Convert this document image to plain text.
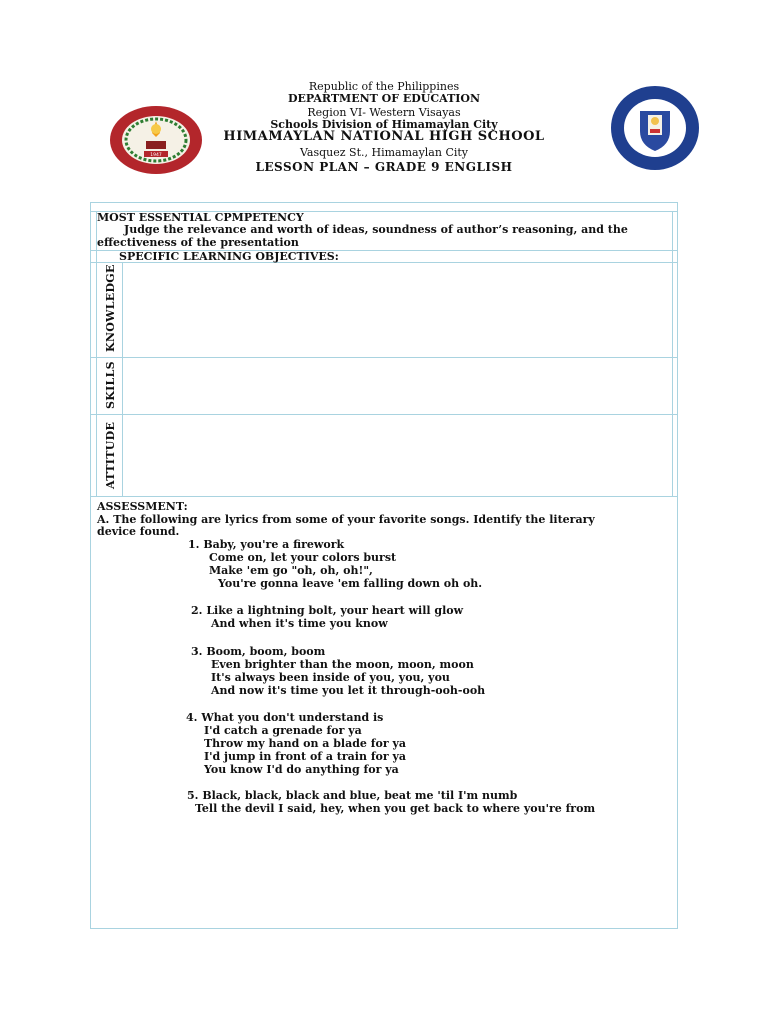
Republic of the Philippines
DEPARTMENT OF EDUCATION
Region VI- Western Visayas
Schools Division of Himamaylan City
HIMAMAYLAN NATIONAL HIGH SCHOOL
Vasquez St., Himamaylan City
LESSON PLAN – GRADE 9 ENGLISH
1947
MOST ESSENTIAL CPMPETENCY
Judge the relevance and worth of ideas, soundness of author’s reasoning, and the
effectiveness of the presentation
SPECIFIC LEARNING OBJECTIVES:
KNOWLEDGE
SKILLS
ATTITUDE
ASSESSMENT:
A. The following are lyrics from some of your favorite songs. Identify the literary
device found.
1. Baby, you're a firework
Come on, let your colors burst
Make 'em go "oh, oh, oh!",
You're gonna leave 'em falling down oh oh.
2. Like a lightning bolt, your heart will glow
And when it's time you know
3. Boom, boom, boom
Even brighter than the moon, moon, moon
It's always been inside of you, you, you
And now it's time you let it through-ooh-ooh
4. What you don't understand is
I'd catch a grenade for ya
Throw my hand on a blade for ya
I'd jump in front of a train for ya
You know I'd do anything for ya
5. Black, black, black and blue, beat me 'til I'm numb
Tell the devil I said, hey, when you get back to where you're from
